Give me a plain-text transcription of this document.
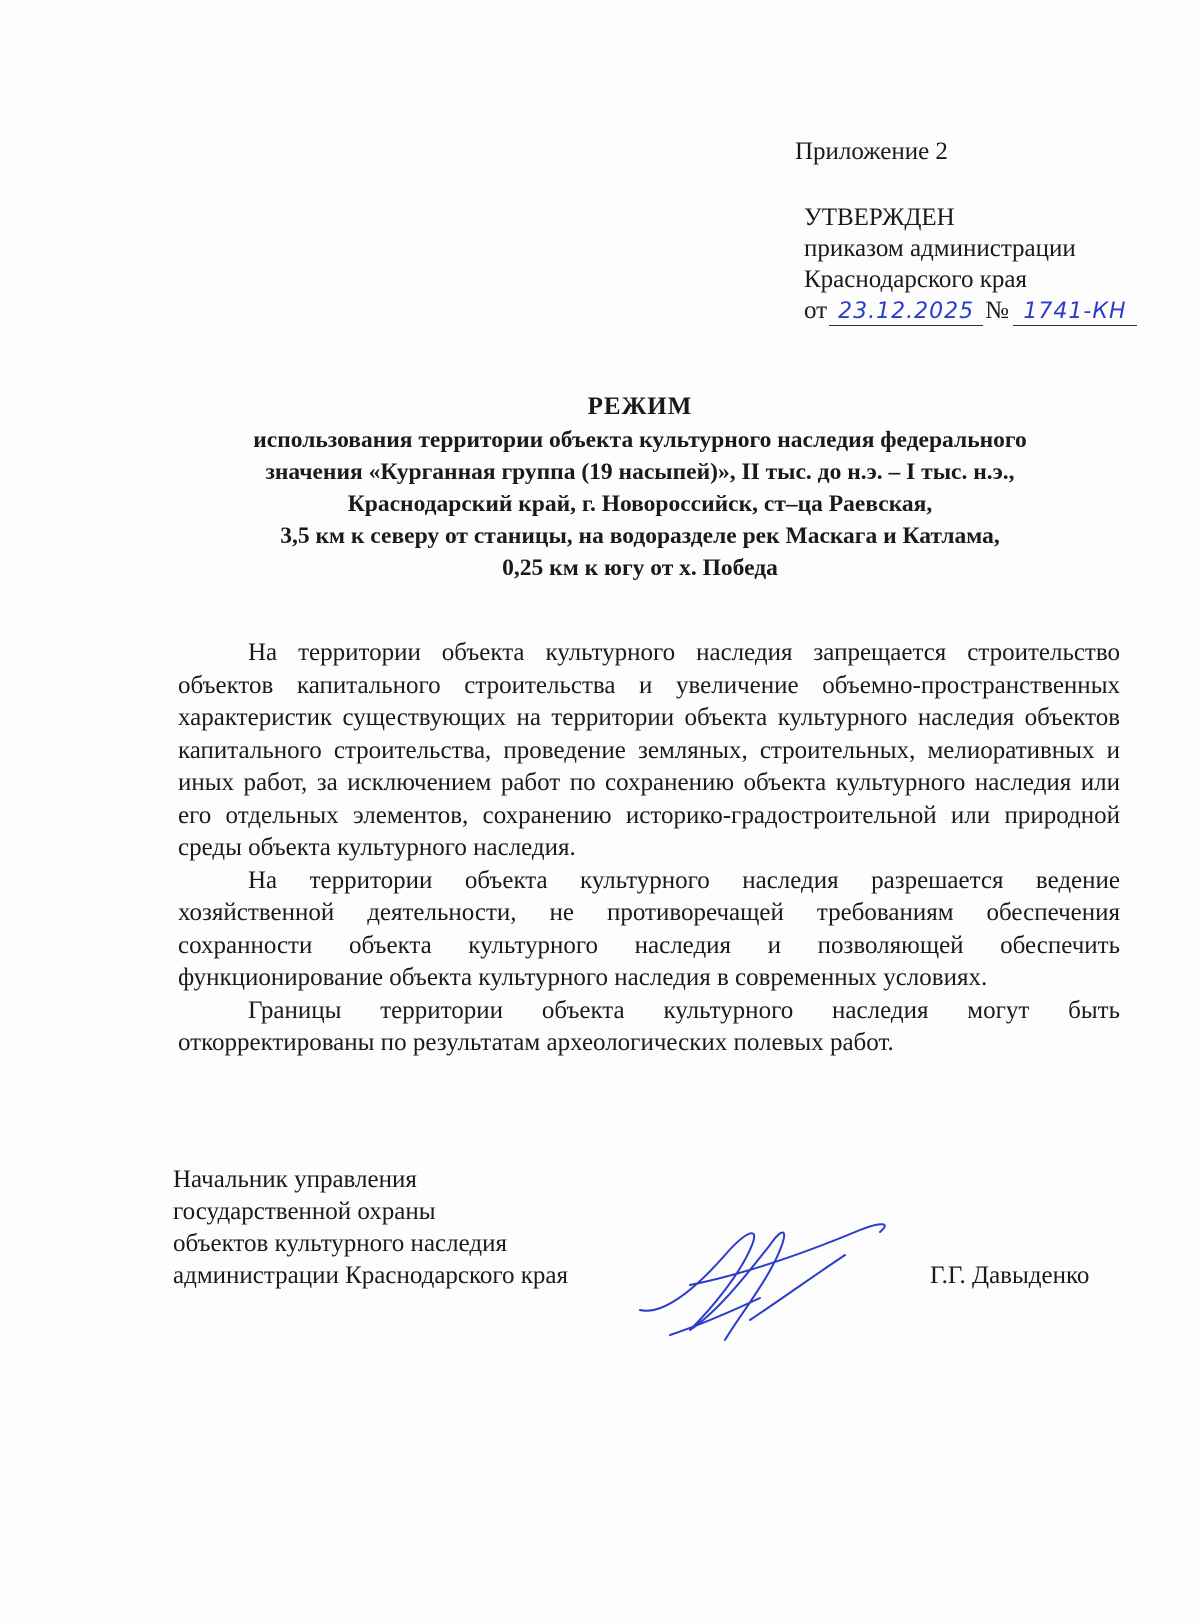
Приложение 2
УТВЕРЖДЕН
приказом администрации
Краснодарского края
от 23.12.2025 № 1741-КН
РЕЖИМ
использования территории объекта культурного наследия федерального
значения «Курганная группа (19 насыпей)», II тыс. до н.э. – I тыс. н.э.,
Краснодарский край, г. Новороссийск, ст–ца Раевская,
3,5 км к северу от станицы, на водоразделе рек Маскага и Катлама,
0,25 км к югу от х. Победа

На территории объекта культурного наследия запрещается строительство объектов капитального строительства и увеличение объемно-пространственных характеристик существующих на территории объекта культурного наследия объектов капитального строительства, проведение земляных, строительных, мелиоративных и иных работ, за исключением работ по сохранению объекта культурного наследия или его отдельных элементов, сохранению историко-градостроительной или природной среды объекта культурного наследия.

На территории объекта культурного наследия разрешается ведение хозяйственной деятельности, не противоречащей требованиям обеспечения сохранности объекта культурного наследия и позволяющей обеспечить функционирование объекта культурного наследия в современных условиях.

Границы территории объекта культурного наследия могут быть откорректированы по результатам археологических полевых работ.

Начальник управления
государственной охраны
объектов культурного наследия
администрации Краснодарского края	Г.Г. Давыденко
